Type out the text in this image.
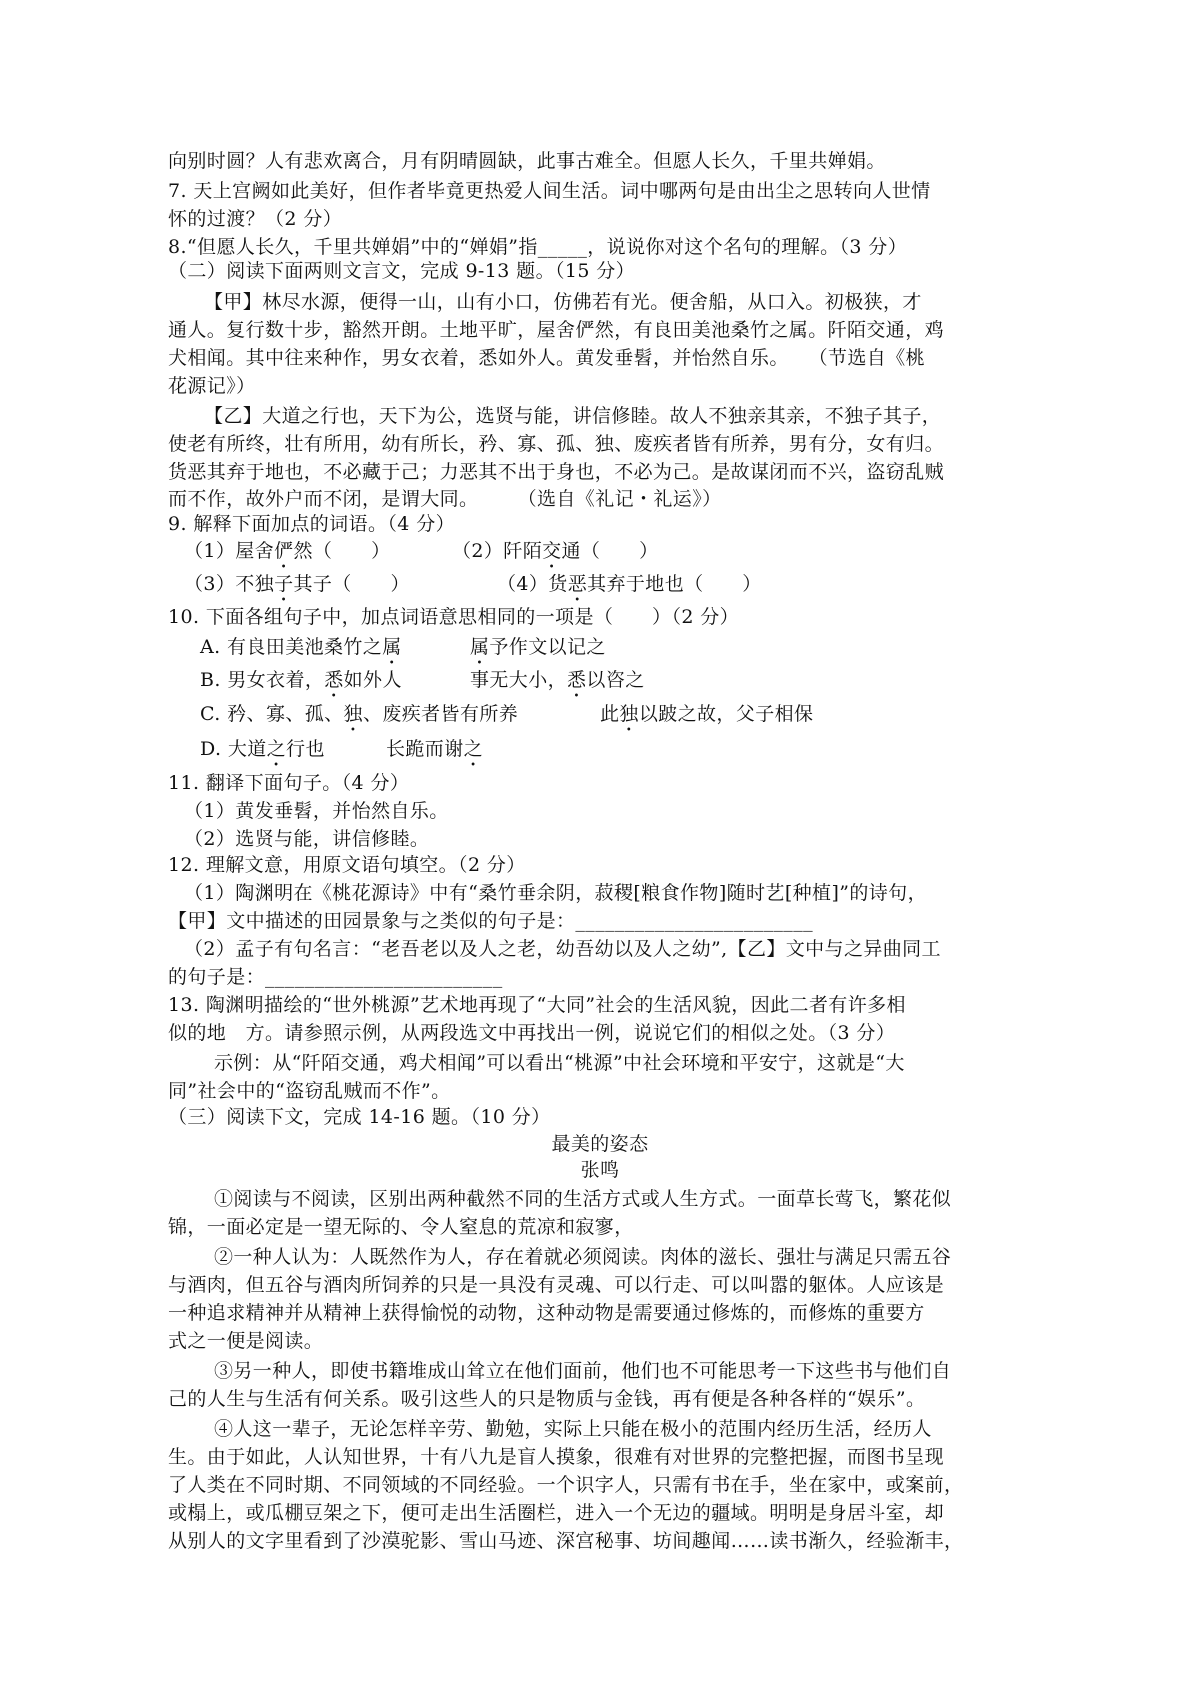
向别时圆？人有悲欢离合，月有阴晴圆缺，此事古难全。但愿人长久，千里共婵娟。
7. 天上宫阙如此美好，但作者毕竟更热爱人间生活。词中哪两句是由出尘之思转向人世情
怀的过渡？（2 分）
8.“但愿人长久，千里共婵娟”中的“婵娟”指_____，说说你对这个名句的理解。（3 分）
（二）阅读下面两则文言文，完成 9-13 题。（15 分）
【甲】林尽水源，便得一山，山有小口，仿佛若有光。便舍船，从口入。初极狭，才
通人。复行数十步，豁然开朗。土地平旷，屋舍俨然，有良田美池桑竹之属。阡陌交通，鸡
犬相闻。其中往来种作，男女衣着，悉如外人。黄发垂髫，并怡然自乐。　　（节选自《桃
花源记》）
【乙】大道之行也，天下为公，选贤与能，讲信修睦。故人不独亲其亲，不独子其子，
使老有所终，壮有所用，幼有所长，矜、寡、孤、独、废疾者皆有所养，男有分，女有归。
货恶其弃于地也，不必藏于己；力恶其不出于身也，不必为己。是故谋闭而不兴，盗窃乱贼
而不作，故外户而不闭，是谓大同。　　　（选自《礼记・礼运》）
9. 解释下面加点的词语。（4 分）
（1）屋舍俨然（　　）	（2）阡陌交通（　　）
（3）不独子其子（　　）	（4）货恶其弃于地也（　　）
10. 下面各组句子中，加点词语意思相同的一项是（　　）（2 分）
A. 有良田美池桑竹之属	属予作文以记之
B. 男女衣着，悉如外人	事无大小，悉以咨之
C. 矜、寡、孤、独、废疾者皆有所养	此独以跛之故，父子相保
D. 大道之行也	长跪而谢之
11. 翻译下面句子。（4 分）
（1）黄发垂髫，并怡然自乐。
（2）选贤与能，讲信修睦。
12. 理解文意，用原文语句填空。（2 分）
（1）陶渊明在《桃花源诗》中有“桑竹垂余阴，菽稷[粮食作物]随时艺[种植]”的诗句，
【甲】文中描述的田园景象与之类似的句子是：________________________
（2）孟子有句名言：“老吾老以及人之老，幼吾幼以及人之幼”,【乙】文中与之异曲同工
的句子是：________________________
13. 陶渊明描绘的“世外桃源”艺术地再现了“大同”社会的生活风貌，因此二者有许多相
似的地　方。请参照示例，从两段选文中再找出一例，说说它们的相似之处。（3 分）
示例：从“阡陌交通，鸡犬相闻”可以看出“桃源”中社会环境和平安宁，这就是“大
同”社会中的“盗窃乱贼而不作”。
（三）阅读下文，完成 14-16 题。（10 分）
最美的姿态
张鸣
①阅读与不阅读，区别出两种截然不同的生活方式或人生方式。一面草长莺飞，繁花似
锦，一面必定是一望无际的、令人窒息的荒凉和寂寥，
②一种人认为：人既然作为人，存在着就必须阅读。肉体的滋长、强壮与满足只需五谷
与酒肉，但五谷与酒肉所饲养的只是一具没有灵魂、可以行走、可以叫嚣的躯体。人应该是
一种追求精神并从精神上获得愉悦的动物，这种动物是需要通过修炼的，而修炼的重要方
式之一便是阅读。
③另一种人，即使书籍堆成山耸立在他们面前，他们也不可能思考一下这些书与他们自
己的人生与生活有何关系。吸引这些人的只是物质与金钱，再有便是各种各样的“娱乐”。
④人这一辈子，无论怎样辛劳、勤勉，实际上只能在极小的范围内经历生活，经历人
生。由于如此，人认知世界，十有八九是盲人摸象，很难有对世界的完整把握，而图书呈现
了人类在不同时期、不同领域的不同经验。一个识字人，只需有书在手，坐在家中，或案前，
或榻上，或瓜棚豆架之下，便可走出生活圈栏，进入一个无边的疆域。明明是身居斗室，却
从别人的文字里看到了沙漠驼影、雪山马迹、深宫秘事、坊间趣闻……读书渐久，经验渐丰，
